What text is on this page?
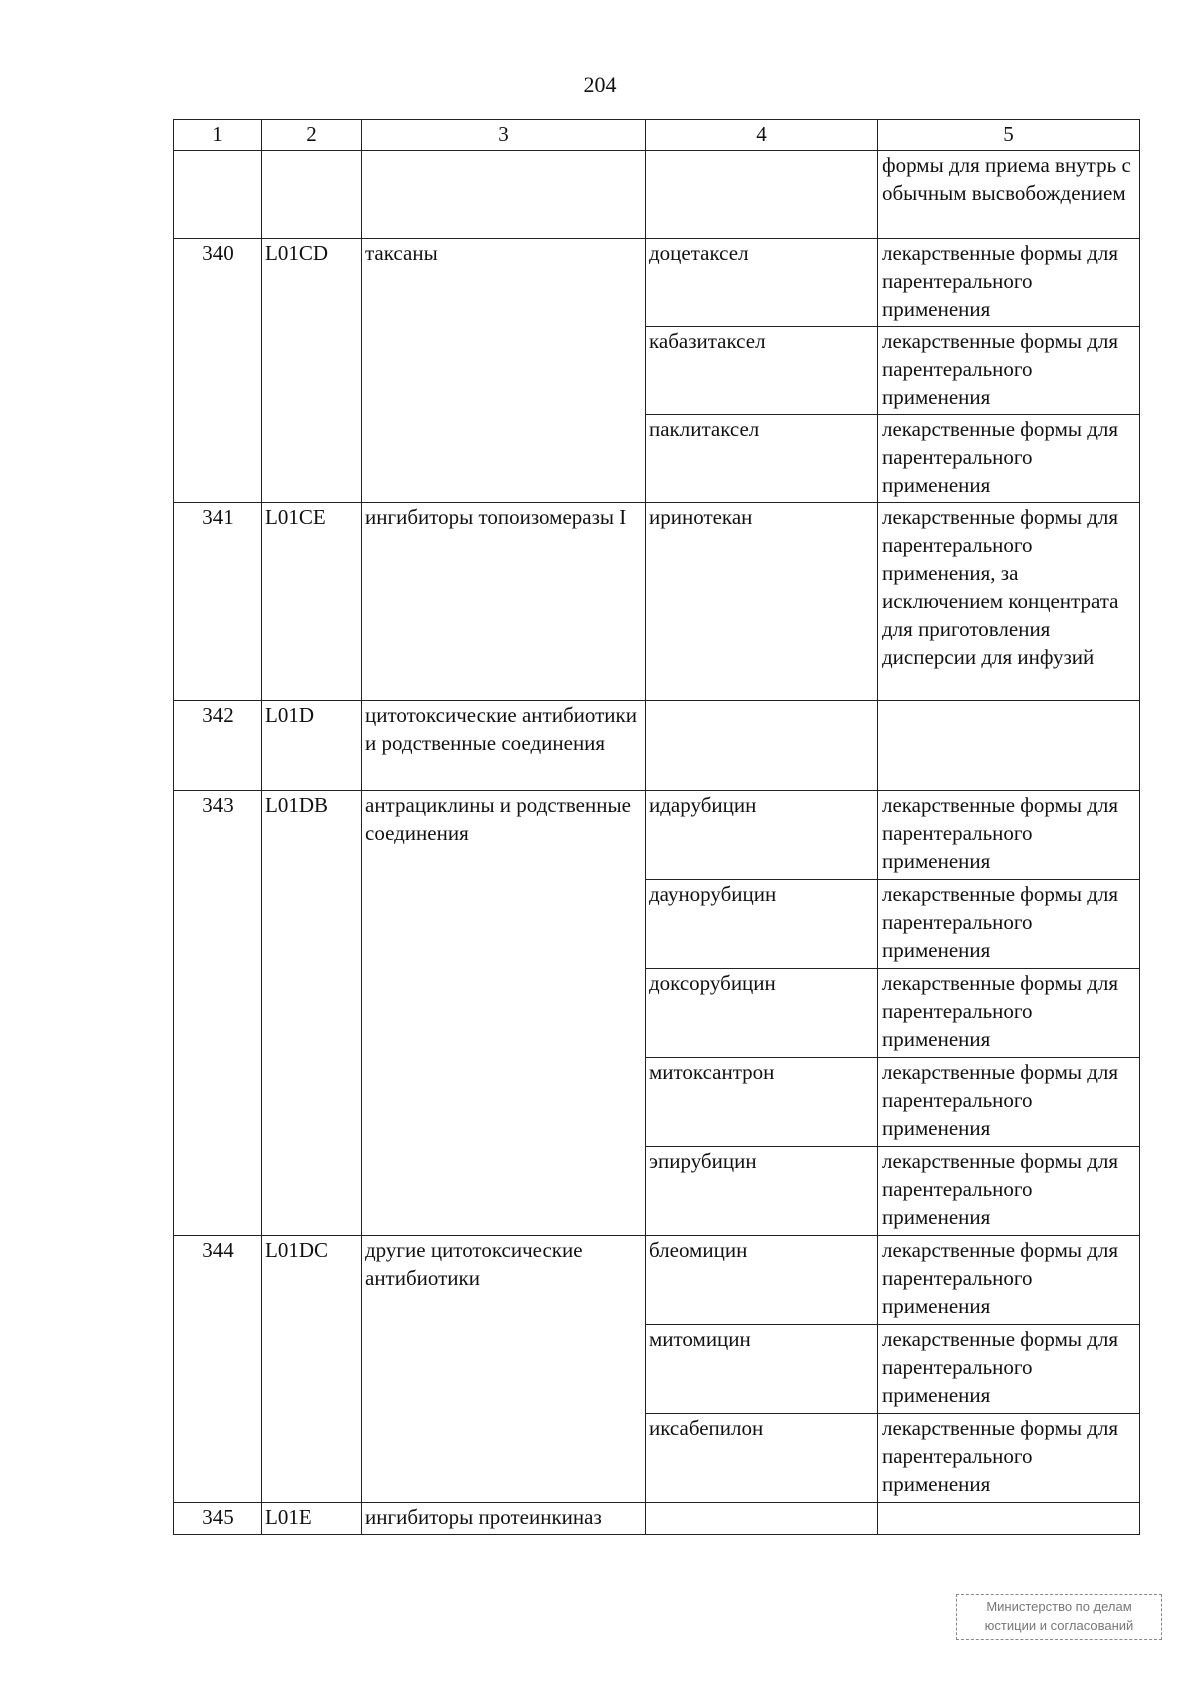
204
1	2	3	4	5
				формы для приема внутрь с обычным высвобождением
340	L01CD	таксаны	доцетаксел	лекарственные формы для парентерального применения
			кабазитаксел	лекарственные формы для парентерального применения
			паклитаксел	лекарственные формы для парентерального применения
341	L01CE	ингибиторы топоизомеразы I	иринотекан	лекарственные формы для парентерального применения, за исключением концентрата для приготовления дисперсии для инфузий
342	L01D	цитотоксические антибиотики и родственные соединения		
343	L01DB	антрациклины и родственные соединения	идарубицин	лекарственные формы для парентерального применения
			даунорубицин	лекарственные формы для парентерального применения
			доксорубицин	лекарственные формы для парентерального применения
			митоксантрон	лекарственные формы для парентерального применения
			эпирубицин	лекарственные формы для парентерального применения
344	L01DC	другие цитотоксические антибиотики	блеомицин	лекарственные формы для парентерального применения
			митомицин	лекарственные формы для парентерального применения
			иксабепилон	лекарственные формы для парентерального применения
345	L01E	ингибиторы протеинкиназ		
Министерство по делам
юстиции и согласований
